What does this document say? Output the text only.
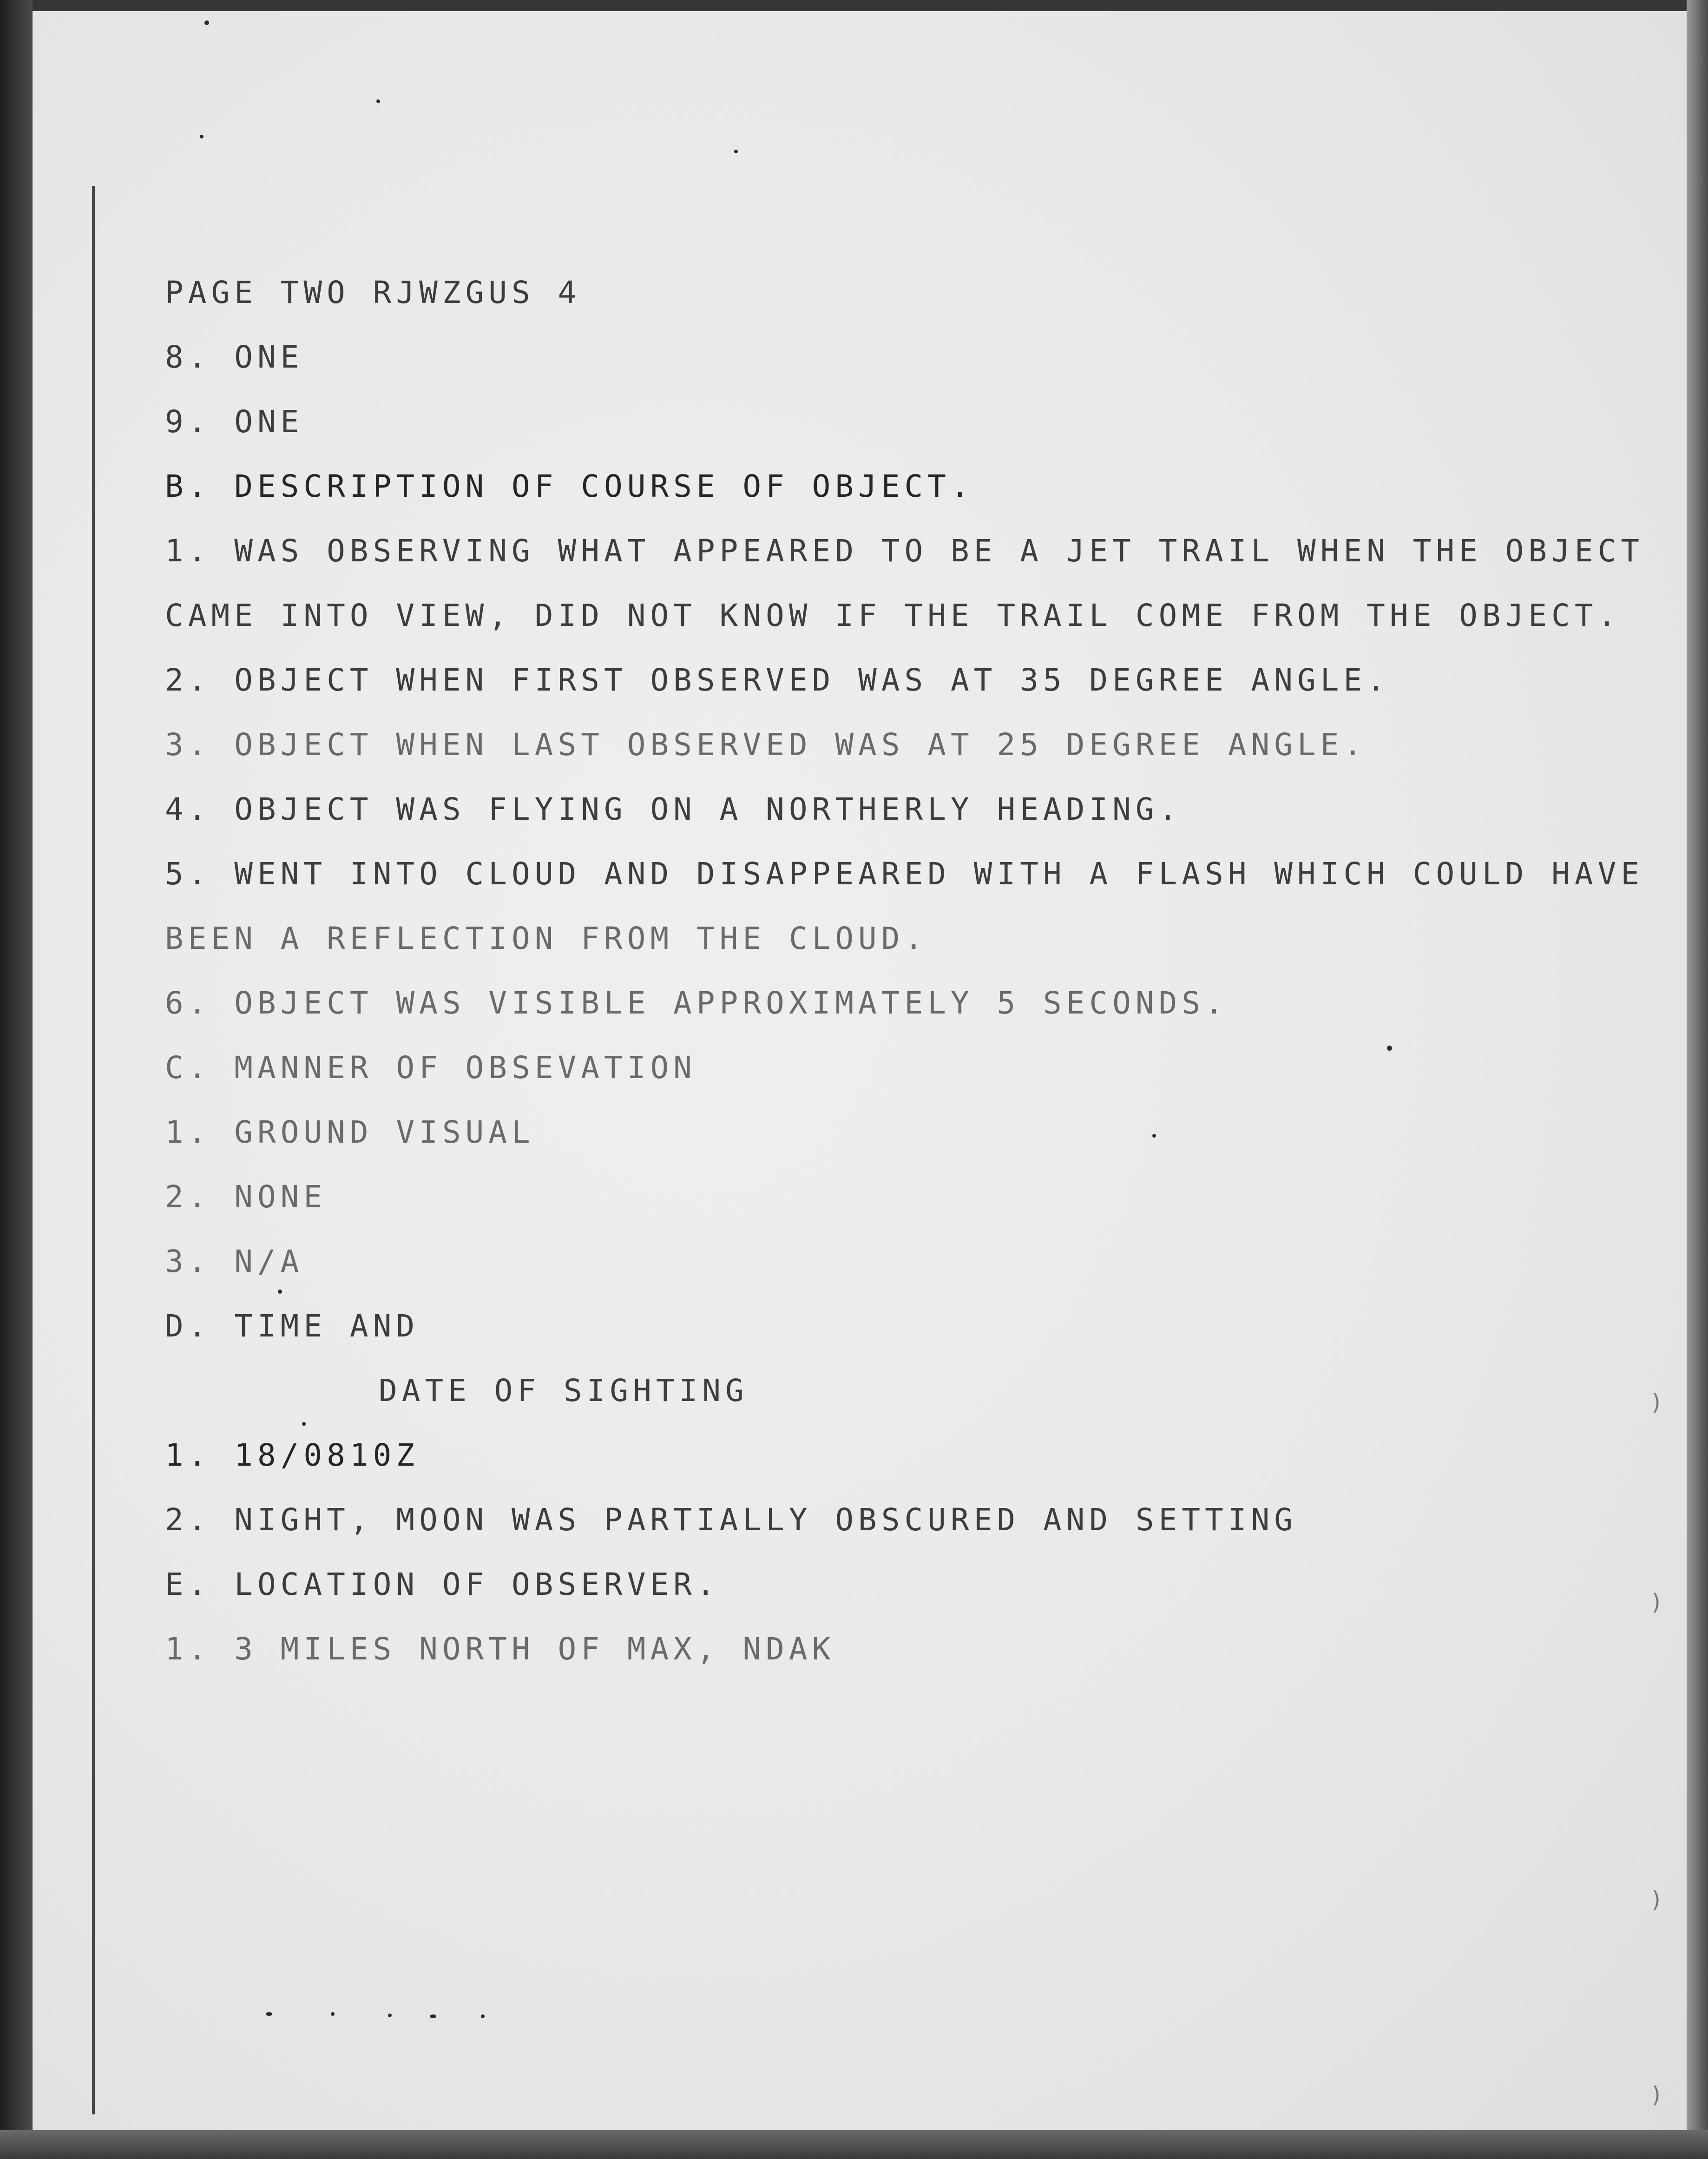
PAGE TWO RJWZGUS 4
8. ONE
9. ONE
B. DESCRIPTION OF COURSE OF OBJECT.
1. WAS OBSERVING WHAT APPEARED TO BE A JET TRAIL WHEN THE OBJECT
CAME INTO VIEW, DID NOT KNOW IF THE TRAIL COME FROM THE OBJECT.
2. OBJECT WHEN FIRST OBSERVED WAS AT 35 DEGREE ANGLE.
3. OBJECT WHEN LAST OBSERVED WAS AT 25 DEGREE ANGLE.
4. OBJECT WAS FLYING ON A NORTHERLY HEADING.
5. WENT INTO CLOUD AND DISAPPEARED WITH A FLASH WHICH COULD HAVE
BEEN A REFLECTION FROM THE CLOUD.
6. OBJECT WAS VISIBLE APPROXIMATELY 5 SECONDS.
C. MANNER OF OBSEVATION
1. GROUND VISUAL
2. NONE
3. N/A
D. TIME AND
DATE OF SIGHTING
1. 18/0810Z
2. NIGHT, MOON WAS PARTIALLY OBSCURED AND SETTING
E. LOCATION OF OBSERVER.
1. 3 MILES NORTH OF MAX, NDAK
)
)
)
)
